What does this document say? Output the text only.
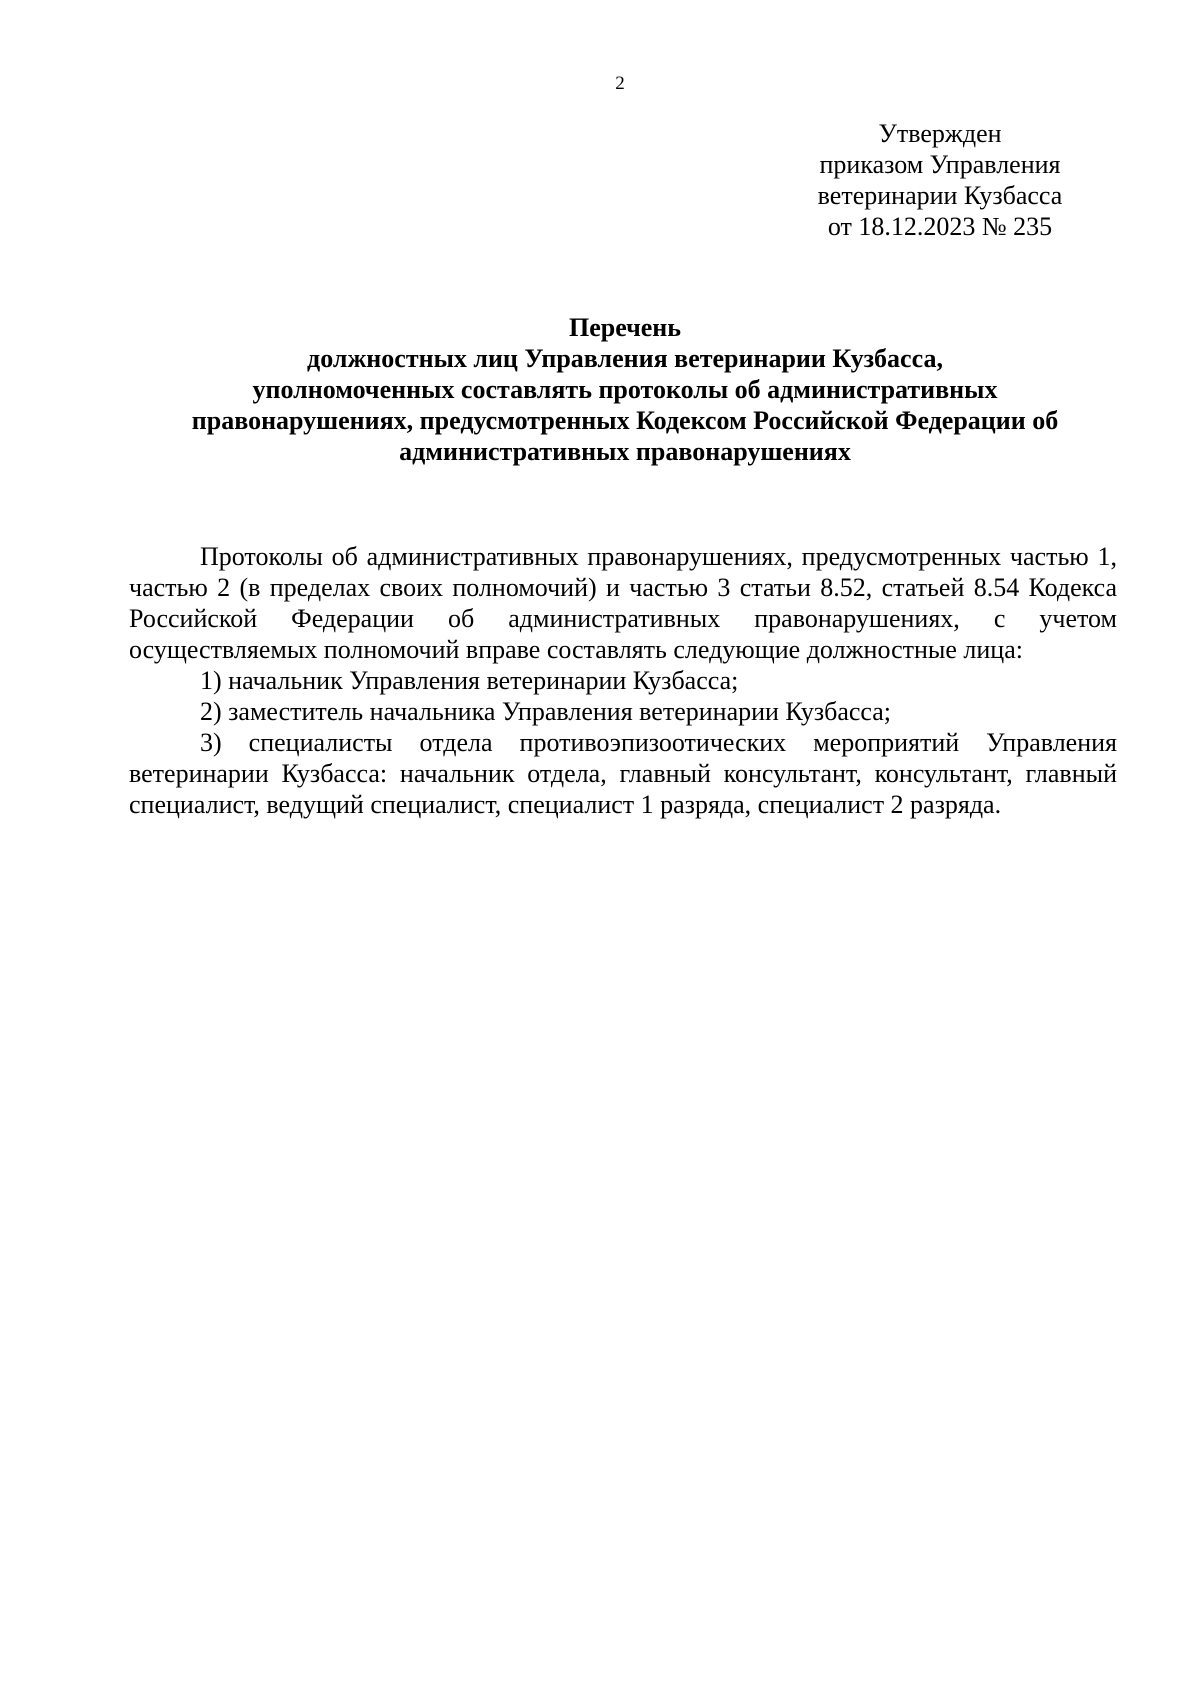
2
Утвержден
приказом Управления
ветеринарии Кузбасса
от 18.12.2023 № 235
Перечень
должностных лиц Управления ветеринарии Кузбасса,
уполномоченных составлять протоколы об административных
правонарушениях, предусмотренных Кодексом Российской Федерации об
административных правонарушениях

Протоколы об административных правонарушениях, предусмотренных частью 1, частью 2 (в пределах своих полномочий) и частью 3 статьи 8.52, статьей 8.54 Кодекса Российской Федерации об административных правонарушениях, с учетом осуществляемых полномочий вправе составлять следующие должностные лица:

1) начальник Управления ветеринарии Кузбасса;

2) заместитель начальника Управления ветеринарии Кузбасса;

3) специалисты отдела противоэпизоотических мероприятий Управления ветеринарии Кузбасса: начальник отдела, главный консультант, консультант, главный специалист, ведущий специалист, специалист 1 разряда, специалист 2 разряда.
